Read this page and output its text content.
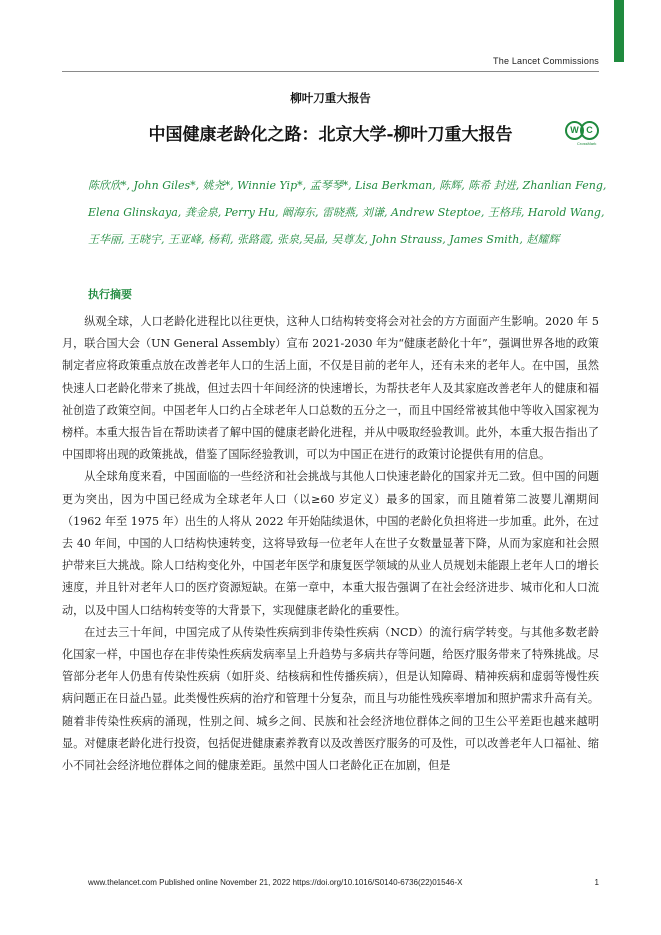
The Lancet Commissions
柳叶刀重大报告
中国健康老龄化之路：北京大学-柳叶刀重大报告	W C
CrossMark
陈欣欣*, John Giles*, 姚尧*, Winnie Yip*, 孟琴琴*, Lisa Berkman, 陈辉, 陈希 封进, Zhanlian Feng, Elena Glinskaya, 龚金泉, Perry Hu, 阚海东, 雷晓燕, 刘谦, Andrew Steptoe, 王格玮, Harold Wang, 王华丽, 王晓宇, 王亚峰, 杨莉, 张路霞, 张泉,吴晶, 吴尊友, John Strauss, James Smith, 赵耀辉
执行摘要

纵观全球，人口老龄化进程比以往更快，这种人口结构转变将会对社会的方方面面产生影响。2020 年 5 月，联合国大会（UN General Assembly）宣布 2021-2030 年为“健康老龄化十年”，强调世界各地的政策制定者应将政策重点放在改善老年人口的生活上面，不仅是目前的老年人，还有未来的老年人。在中国，虽然快速人口老龄化带来了挑战，但过去四十年间经济的快速增长，为帮扶老年人及其家庭改善老年人的健康和福祉创造了政策空间。中国老年人口约占全球老年人口总数的五分之一，而且中国经常被其他中等收入国家视为榜样。本重大报告旨在帮助读者了解中国的健康老龄化进程，并从中吸取经验教训。此外，本重大报告指出了中国即将出现的政策挑战，借鉴了国际经验教训，可以为中国正在进行的政策讨论提供有用的信息。

从全球角度来看，中国面临的一些经济和社会挑战与其他人口快速老龄化的国家并无二致。但中国的问题更为突出，因为中国已经成为全球老年人口（以≥60 岁定义）最多的国家，而且随着第二波婴儿潮期间（1962 年至 1975 年）出生的人将从 2022 年开始陆续退休，中国的老龄化负担将进一步加重。此外，在过去 40 年间，中国的人口结构快速转变，这将导致每一位老年人在世子女数量显著下降，从而为家庭和社会照护带来巨大挑战。除人口结构变化外，中国老年医学和康复医学领域的从业人员规划未能跟上老年人口的增长速度，并且针对老年人口的医疗资源短缺。在第一章中，本重大报告强调了在社会经济进步、城市化和人口流动，以及中国人口结构转变等的大背景下，实现健康老龄化的重要性。

在过去三十年间，中国完成了从传染性疾病到非传染性疾病（NCD）的流行病学转变。与其他多数老龄化国家一样，中国也存在非传染性疾病发病率呈上升趋势与多病共存等问题，给医疗服务带来了特殊挑战。尽管部分老年人仍患有传染性疾病（如肝炎、结核病和性传播疾病），但是认知障碍、精神疾病和虚弱等慢性疾病问题正在日益凸显。此类慢性疾病的治疗和管理十分复杂，而且与功能性残疾率增加和照护需求升高有关。随着非传染性疾病的涌现，性别之间、城乡之间、民族和社会经济地位群体之间的卫生公平差距也越来越明显。对健康老龄化进行投资，包括促进健康素养教育以及改善医疗服务的可及性，可以改善老年人口福祉、缩小不同社会经济地位群体之间的健康差距。虽然中国人口老龄化正在加剧，但是

www.thelancet.com Published online November 21, 2022 https://doi.org/10.1016/S0140-6736(22)01546-X	1
